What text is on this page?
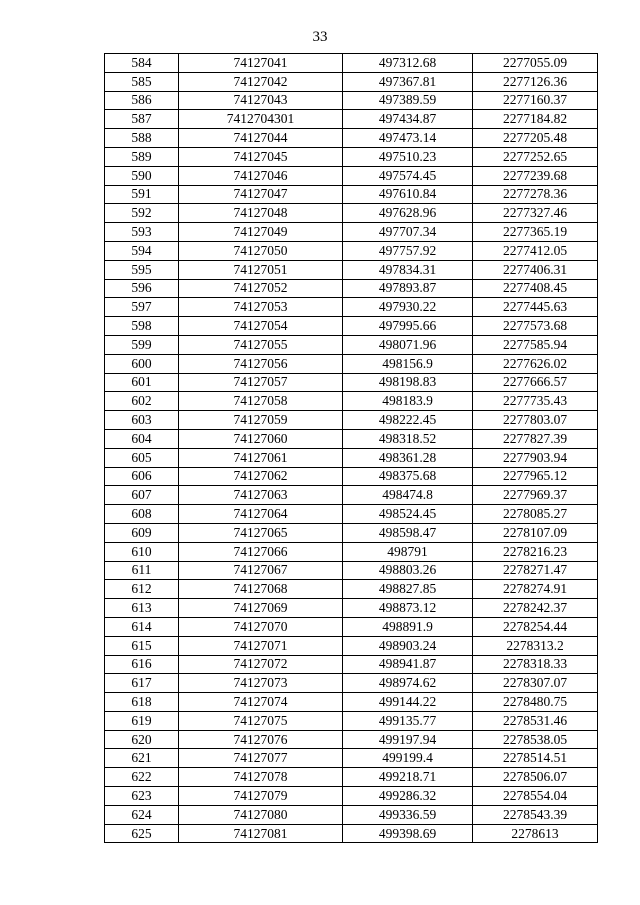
33
584	74127041	497312.68	2277055.09
585	74127042	497367.81	2277126.36
586	74127043	497389.59	2277160.37
587	7412704301	497434.87	2277184.82
588	74127044	497473.14	2277205.48
589	74127045	497510.23	2277252.65
590	74127046	497574.45	2277239.68
591	74127047	497610.84	2277278.36
592	74127048	497628.96	2277327.46
593	74127049	497707.34	2277365.19
594	74127050	497757.92	2277412.05
595	74127051	497834.31	2277406.31
596	74127052	497893.87	2277408.45
597	74127053	497930.22	2277445.63
598	74127054	497995.66	2277573.68
599	74127055	498071.96	2277585.94
600	74127056	498156.9	2277626.02
601	74127057	498198.83	2277666.57
602	74127058	498183.9	2277735.43
603	74127059	498222.45	2277803.07
604	74127060	498318.52	2277827.39
605	74127061	498361.28	2277903.94
606	74127062	498375.68	2277965.12
607	74127063	498474.8	2277969.37
608	74127064	498524.45	2278085.27
609	74127065	498598.47	2278107.09
610	74127066	498791	2278216.23
611	74127067	498803.26	2278271.47
612	74127068	498827.85	2278274.91
613	74127069	498873.12	2278242.37
614	74127070	498891.9	2278254.44
615	74127071	498903.24	2278313.2
616	74127072	498941.87	2278318.33
617	74127073	498974.62	2278307.07
618	74127074	499144.22	2278480.75
619	74127075	499135.77	2278531.46
620	74127076	499197.94	2278538.05
621	74127077	499199.4	2278514.51
622	74127078	499218.71	2278506.07
623	74127079	499286.32	2278554.04
624	74127080	499336.59	2278543.39
625	74127081	499398.69	2278613
